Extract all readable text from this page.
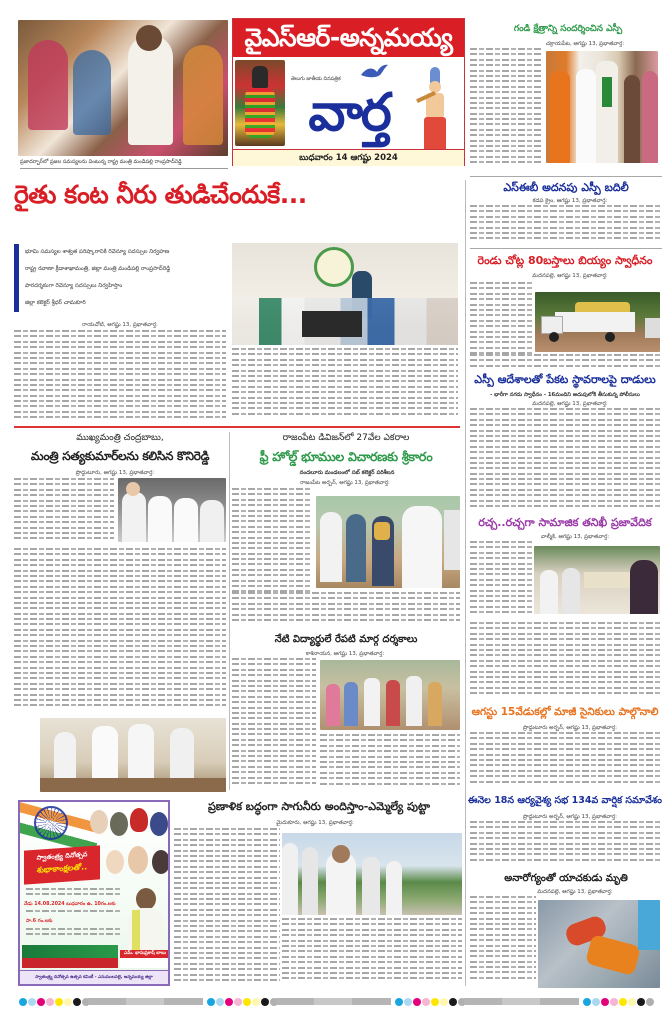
ప్రజాదర్బార్‌లో ప్రజల సమస్యలను వింటున్న రాష్ట్ర మంత్రి మండిపల్లి రాంప్రసాద్‌రెడ్డి
వైఎస్ఆర్-అన్నమయ్య
తెలుగు జాతీయ దినపత్రిక
వార్త
బుధవారం 14 ఆగష్టు 2024
గండి క్షేత్రాన్ని సందర్శించిన ఎస్పీ
చక్రాయపేట, ఆగష్టు 13, ప్రభాతవార్త:
ఎస్ఈబీ అదనపు ఎస్పీ బదిలీ
కడప క్రైం, ఆగష్టు 13, ప్రభాతవార్త:
రెండు చోట్ల 80బస్తాలు బియ్యం స్వాధీనం
మదనపల్లె, ఆగష్టు 13, ప్రభాతవార్త:
ఎస్పీ ఆదేశాలతో పేకట స్థావరాలపై దాడులు
- భారీగా నగదు స్వాధీనం - 16మందిని అదుపులోకి తీసుకున్న పోలీసులు
మదనపల్లె, ఆగష్టు 13, ప్రభాతవార్త:
రైతు కంట నీరు తుడిచేందుకే...
భూమి సమస్యల శాశ్వత పరిష్కారానికి రెవెన్యూ సదస్సుల నిర్వహణ
రాష్ట్ర రవాణా క్రీడాశాఖామంత్రి, జిల్లా మంత్రి మండిపల్లి రాంప్రసాద్‌రెడ్డి
పారదర్శకంగా రెవెన్యూ సదస్సులు నిర్వహిస్తాం
జిల్లా కలెక్టర్ శ్రీధర్ చామకూరి
రాయచోటి, ఆగష్టు 13, ప్రభాతవార్త:
ముఖ్యమంత్రి చంద్రబాబు,
మంత్రి సత్యకుమార్‌లను కలిసిన కొనిరెడ్డి
ప్రొద్దుటూరు, ఆగష్టు 13, ప్రభాతవార్త:
రాజంపేట డివిజన్‌లో 27వేల ఎకరాల
ఫ్రీ హోల్డ్ భూముల విచారణకు శ్రీకారం
నందలూరు మండలంలో సబ్ కలెక్టర్ పరిశీలన
రాజంపేట అర్బన్, ఆగష్టు 13, ప్రభాతవార్త:
నేటి విద్యార్థులే రేపటి మార్గ దర్శకాలు
కాశినాయన, ఆగష్టు 13, ప్రభాతవార్త:
రచ్చ..రచ్చగా సామాజిక తనిఖీ ప్రజావేదిక
వాల్మీకి, ఆగష్టు 13, ప్రభాతవార్త:
ఆగస్టు 15వేడుకల్లో మాజీ సైనికులు పాల్గొనాలి
ప్రొద్దుటూరు అర్బన్, ఆగష్టు 13, ప్రభాతవార్త:
ఈనెల 18న ఆర్యవైశ్య సభ 134వ వార్షిక సమావేశం
ప్రొద్దుటూరు అర్బన్, ఆగష్టు 13, ప్రభాతవార్త:
అనారోగ్యంతో యాచకుడు మృతి
మదనపల్లె, ఆగష్టు 13, ప్రభాతవార్త:
ప్రణాళిక బద్ధంగా సాగునీరు అందిస్తాం-ఎమ్మెల్యే పుట్టా
మైదుకూరు, ఆగష్టు 13, ప్రభాతవార్త:
స్వాతంత్ర్య దినోత్సవ
శుభాకాంక్షలతో..
నేడు 14.08.2024 బుధవారం ఉ. 10గం.లకు
సా.6 గం.లకు
ఎమ్. భానుప్రకాష్ బాబు
స్వాతంత్ర్య దినోత్సవ ఉత్సవ కమిటీ - ఎనుములపల్లె, అన్నమయ్య జిల్లా
